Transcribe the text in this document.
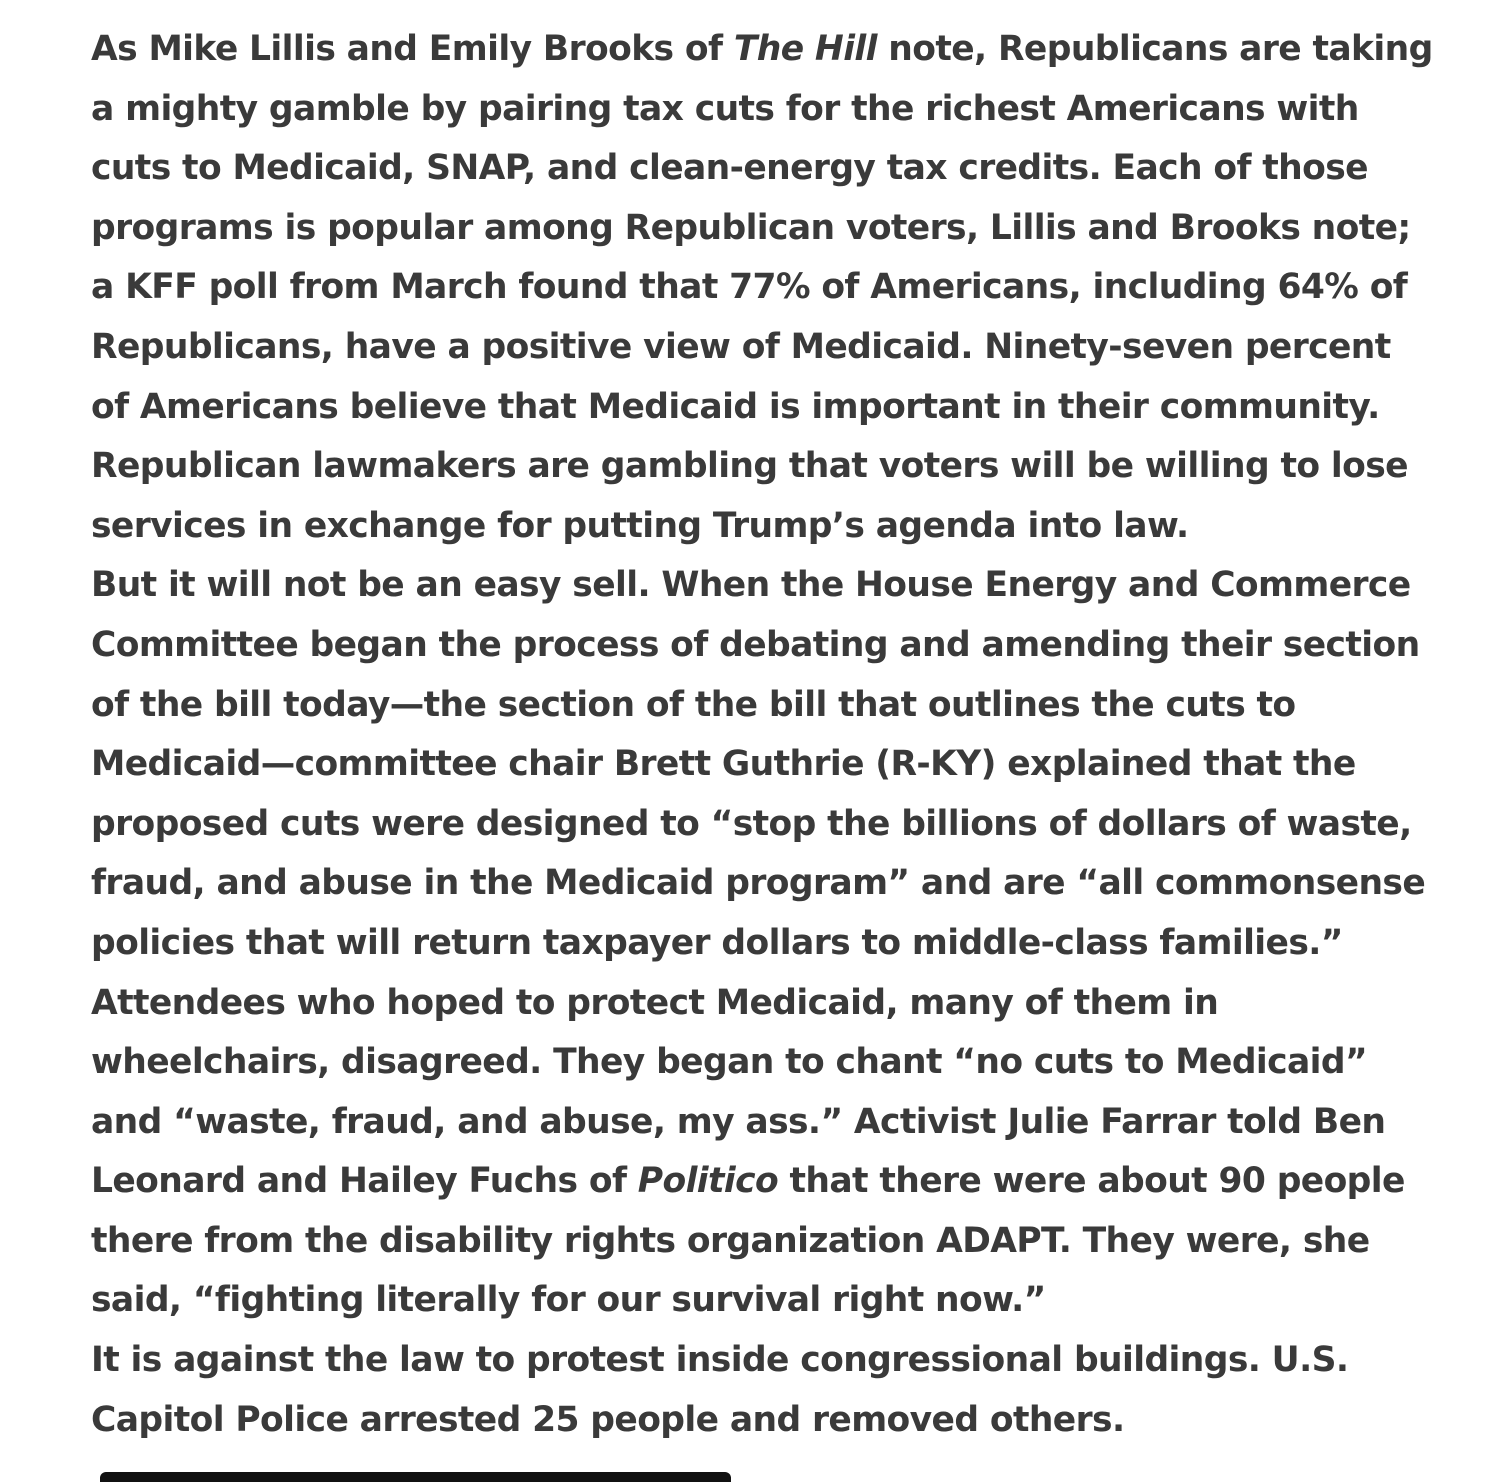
As Mike Lillis and Emily Brooks of The Hill note, Republicans are taking
a mighty gamble by pairing tax cuts for the richest Americans with
cuts to Medicaid, SNAP, and clean-energy tax credits. Each of those
programs is popular among Republican voters, Lillis and Brooks note;
a KFF poll from March found that 77% of Americans, including 64% of
Republicans, have a positive view of Medicaid. Ninety-seven percent
of Americans believe that Medicaid is important in their community.
Republican lawmakers are gambling that voters will be willing to lose
services in exchange for putting Trump’s agenda into law.

But it will not be an easy sell. When the House Energy and Commerce
Committee began the process of debating and amending their section
of the bill today—the section of the bill that outlines the cuts to
Medicaid—committee chair Brett Guthrie (R-KY) explained that the
proposed cuts were designed to “stop the billions of dollars of waste,
fraud, and abuse in the Medicaid program” and are “all commonsense
policies that will return taxpayer dollars to middle-class families.”
Attendees who hoped to protect Medicaid, many of them in
wheelchairs, disagreed. They began to chant “no cuts to Medicaid”
and “waste, fraud, and abuse, my ass.” Activist Julie Farrar told Ben
Leonard and Hailey Fuchs of Politico that there were about 90 people
there from the disability rights organization ADAPT. They were, she
said, “fighting literally for our survival right now.”

It is against the law to protest inside congressional buildings. U.S.
Capitol Police arrested 25 people and removed others.
